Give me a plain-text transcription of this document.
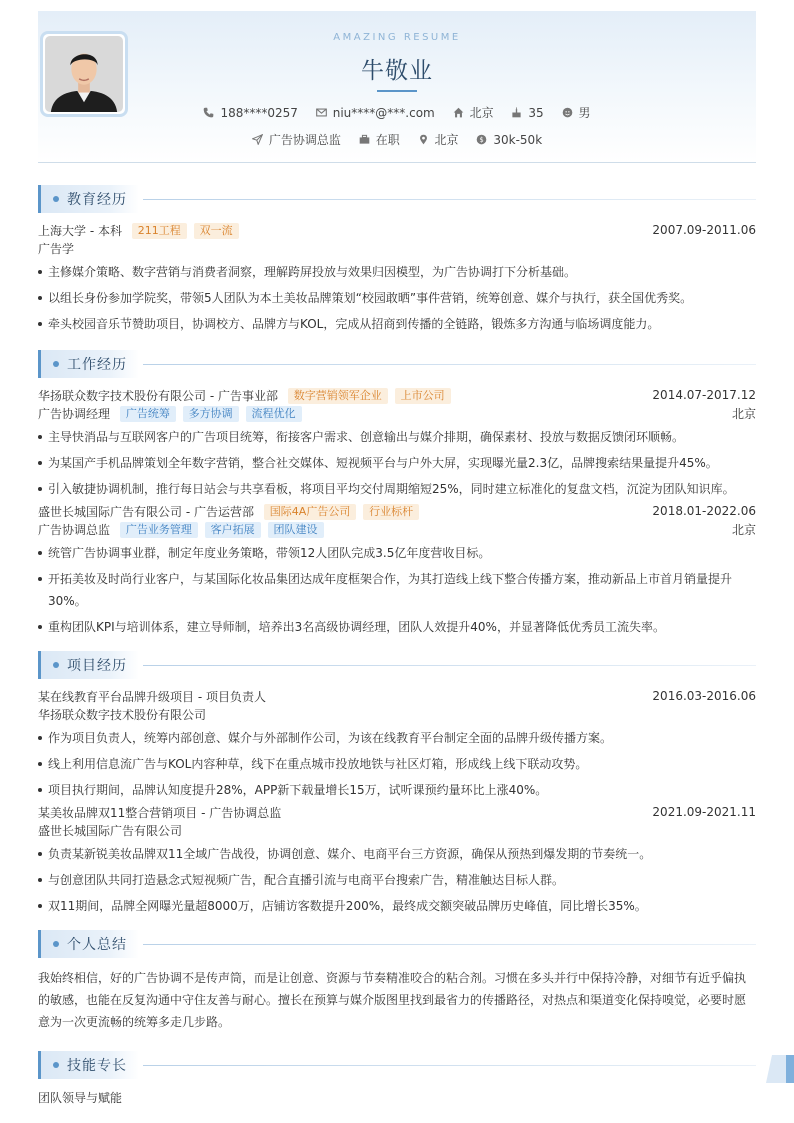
AMAZING RESUME
牛敬业
188****0257	niu****@***.com	北京	35	男
广告协调总监	在职	北京 $ 30k-50k
教育经历
上海大学 - 本科 211工程 双一流	2007.09-2011.06
广告学
主修媒介策略、数字营销与消费者洞察，理解跨屏投放与效果归因模型，为广告协调打下分析基础。
以组长身份参加学院奖，带领5人团队为本土美妆品牌策划“校园敢晒”事件营销，统筹创意、媒介与执行，获全国优秀奖。
牵头校园音乐节赞助项目，协调校方、品牌方与KOL，完成从招商到传播的全链路，锻炼多方沟通与临场调度能力。
工作经历
华扬联众数字技术股份有限公司 - 广告事业部 数字营销领军企业 上市公司	2014.07-2017.12
广告协调经理 广告统筹 多方协调 流程优化	北京
主导快消品与互联网客户的广告项目统筹，衔接客户需求、创意输出与媒介排期，确保素材、投放与数据反馈闭环顺畅。
为某国产手机品牌策划全年数字营销，整合社交媒体、短视频平台与户外大屏，实现曝光量2.3亿，品牌搜索结果量提升45%。
引入敏捷协调机制，推行每日站会与共享看板，将项目平均交付周期缩短25%，同时建立标准化的复盘文档，沉淀为团队知识库。
盛世长城国际广告有限公司 - 广告运营部 国际4A广告公司 行业标杆	2018.01-2022.06
广告协调总监 广告业务管理 客户拓展 团队建设	北京
统管广告协调事业群，制定年度业务策略，带领12人团队完成3.5亿年度营收目标。
开拓美妆及时尚行业客户，与某国际化妆品集团达成年度框架合作，为其打造线上线下整合传播方案，推动新品上市首月销量提升30%。
重构团队KPI与培训体系，建立导师制，培养出3名高级协调经理，团队人效提升40%，并显著降低优秀员工流失率。
项目经历
某在线教育平台品牌升级项目 - 项目负责人	2016.03-2016.06
华扬联众数字技术股份有限公司
作为项目负责人，统筹内部创意、媒介与外部制作公司，为该在线教育平台制定全面的品牌升级传播方案。
线上利用信息流广告与KOL内容种草，线下在重点城市投放地铁与社区灯箱，形成线上线下联动攻势。
项目执行期间，品牌认知度提升28%，APP新下载量增长15万，试听课预约量环比上涨40%。
某美妆品牌双11整合营销项目 - 广告协调总监	2021.09-2021.11
盛世长城国际广告有限公司
负责某新锐美妆品牌双11全域广告战役，协调创意、媒介、电商平台三方资源，确保从预热到爆发期的节奏统一。
与创意团队共同打造悬念式短视频广告，配合直播引流与电商平台搜索广告，精准触达目标人群。
双11期间，品牌全网曝光量超8000万，店铺访客数提升200%，最终成交额突破品牌历史峰值，同比增长35%。
个人总结

我始终相信，好的广告协调不是传声筒，而是让创意、资源与节奏精准咬合的粘合剂。习惯在多头并行中保持冷静，对细节有近乎偏执的敏感，也能在反复沟通中守住友善与耐心。擅长在预算与媒介版图里找到最省力的传播路径，对热点和渠道变化保持嗅觉，必要时愿意为一次更流畅的统筹多走几步路。

技能专长
团队领导与赋能
